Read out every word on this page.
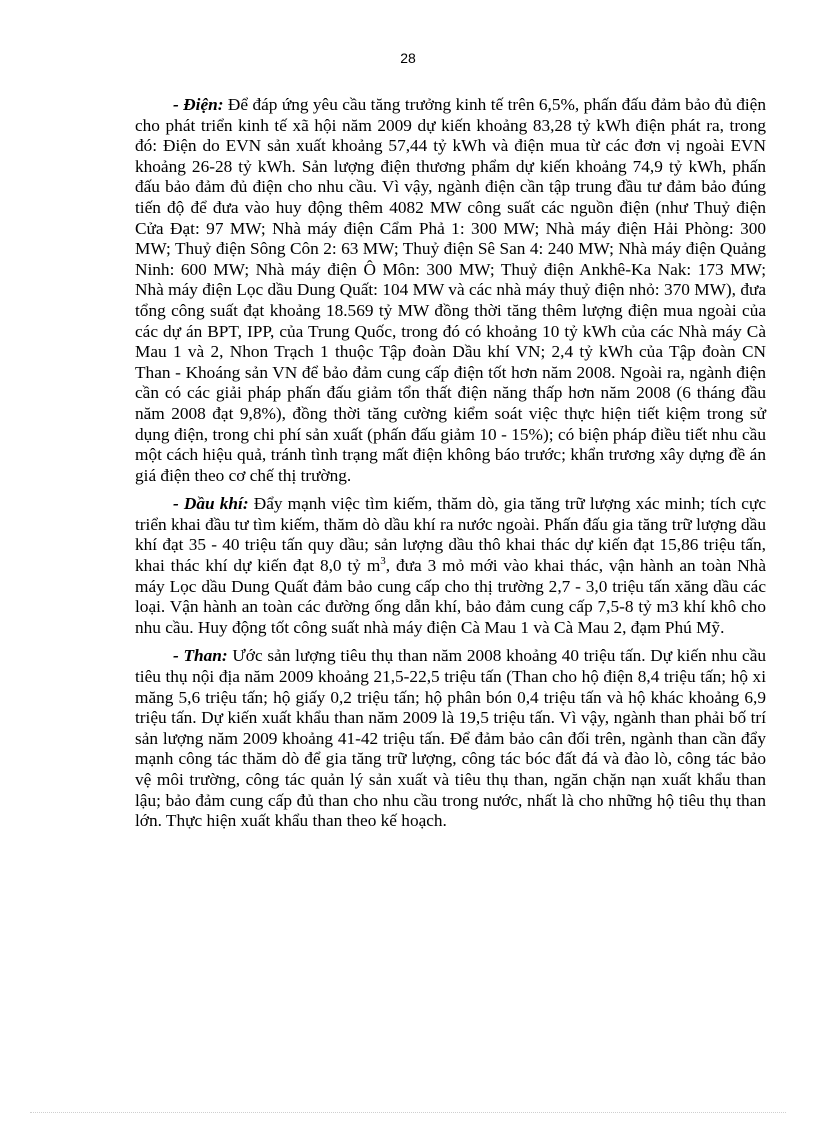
28

- Điện: Để đáp ứng yêu cầu tăng trưởng kinh tế trên 6,5%, phấn đấu đảm bảo đủ điện cho phát triển kinh tế xã hội năm 2009 dự kiến khoảng 83,28 tỷ kWh điện phát ra, trong đó: Điện do EVN sản xuất khoảng 57,44 tỷ kWh và điện mua từ các đơn vị ngoài EVN khoảng 26-28 tỷ kWh. Sản lượng điện thương phẩm dự kiến khoảng 74,9 tỷ kWh, phấn đấu bảo đảm đủ điện cho nhu cầu. Vì vậy, ngành điện cần tập trung đầu tư đảm bảo đúng tiến độ để đưa vào huy động thêm 4082 MW công suất các nguồn điện (như Thuỷ điện Cửa Đạt: 97 MW; Nhà máy điện Cẩm Phả 1: 300 MW; Nhà máy điện Hải Phòng: 300 MW; Thuỷ điện Sông Côn 2: 63 MW; Thuỷ điện Sê San 4: 240 MW; Nhà máy điện Quảng Ninh: 600 MW; Nhà máy điện Ô Môn: 300 MW; Thuỷ điện Ankhê-Ka Nak: 173 MW; Nhà máy điện Lọc dầu Dung Quất: 104 MW và các nhà máy thuỷ điện nhỏ: 370 MW), đưa tổng công suất đạt khoảng 18.569 tỷ MW đồng thời tăng thêm lượng điện mua ngoài của các dự án BPT, IPP, của Trung Quốc, trong đó có khoảng 10 tỷ kWh của các Nhà máy Cà Mau 1 và 2, Nhon Trạch 1 thuộc Tập đoàn Dầu khí VN; 2,4 tỷ kWh của Tập đoàn CN Than - Khoáng sản VN để bảo đảm cung cấp điện tốt hơn năm 2008. Ngoài ra, ngành điện cần có các giải pháp phấn đấu giảm tổn thất điện năng thấp hơn năm 2008 (6 tháng đầu năm 2008 đạt 9,8%), đồng thời tăng cường kiểm soát việc thực hiện tiết kiệm trong sử dụng điện, trong chi phí sản xuất (phấn đấu giảm 10 - 15%); có biện pháp điều tiết nhu cầu một cách hiệu quả, tránh tình trạng mất điện không báo trước; khẩn trương xây dựng đề án giá điện theo cơ chế thị trường.

- Dầu khí: Đẩy mạnh việc tìm kiếm, thăm dò, gia tăng trữ lượng xác minh; tích cực triển khai đầu tư tìm kiếm, thăm dò dầu khí ra nước ngoài. Phấn đấu gia tăng trữ lượng dầu khí đạt 35 - 40 triệu tấn quy dầu; sản lượng dầu thô khai thác dự kiến đạt 15,86 triệu tấn, khai thác khí dự kiến đạt 8,0 tỷ $m^3$, đưa 3 mỏ mới vào khai thác, vận hành an toàn Nhà máy Lọc dầu Dung Quất đảm bảo cung cấp cho thị trường 2,7 - 3,0 triệu tấn xăng dầu các loại. Vận hành an toàn các đường ống dẫn khí, bảo đảm cung cấp 7,5-8 tỷ m3 khí khô cho nhu cầu. Huy động tốt công suất nhà máy điện Cà Mau 1 và Cà Mau 2, đạm Phú Mỹ.

- Than: Ước sản lượng tiêu thụ than năm 2008 khoảng 40 triệu tấn. Dự kiến nhu cầu tiêu thụ nội địa năm 2009 khoảng 21,5-22,5 triệu tấn (Than cho hộ điện 8,4 triệu tấn; hộ xi măng 5,6 triệu tấn; hộ giấy 0,2 triệu tấn; hộ phân bón 0,4 triệu tấn và hộ khác khoảng 6,9 triệu tấn. Dự kiến xuất khẩu than năm 2009 là 19,5 triệu tấn. Vì vậy, ngành than phải bố trí sản lượng năm 2009 khoảng 41-42 triệu tấn. Để đảm bảo cân đối trên, ngành than cần đẩy mạnh công tác thăm dò để gia tăng trữ lượng, công tác bóc đất đá và đào lò, công tác bảo vệ môi trường, công tác quản lý sản xuất và tiêu thụ than, ngăn chặn nạn xuất khẩu than lậu; bảo đảm cung cấp đủ than cho nhu cầu trong nước, nhất là cho những hộ tiêu thụ than lớn. Thực hiện xuất khẩu than theo kế hoạch.
